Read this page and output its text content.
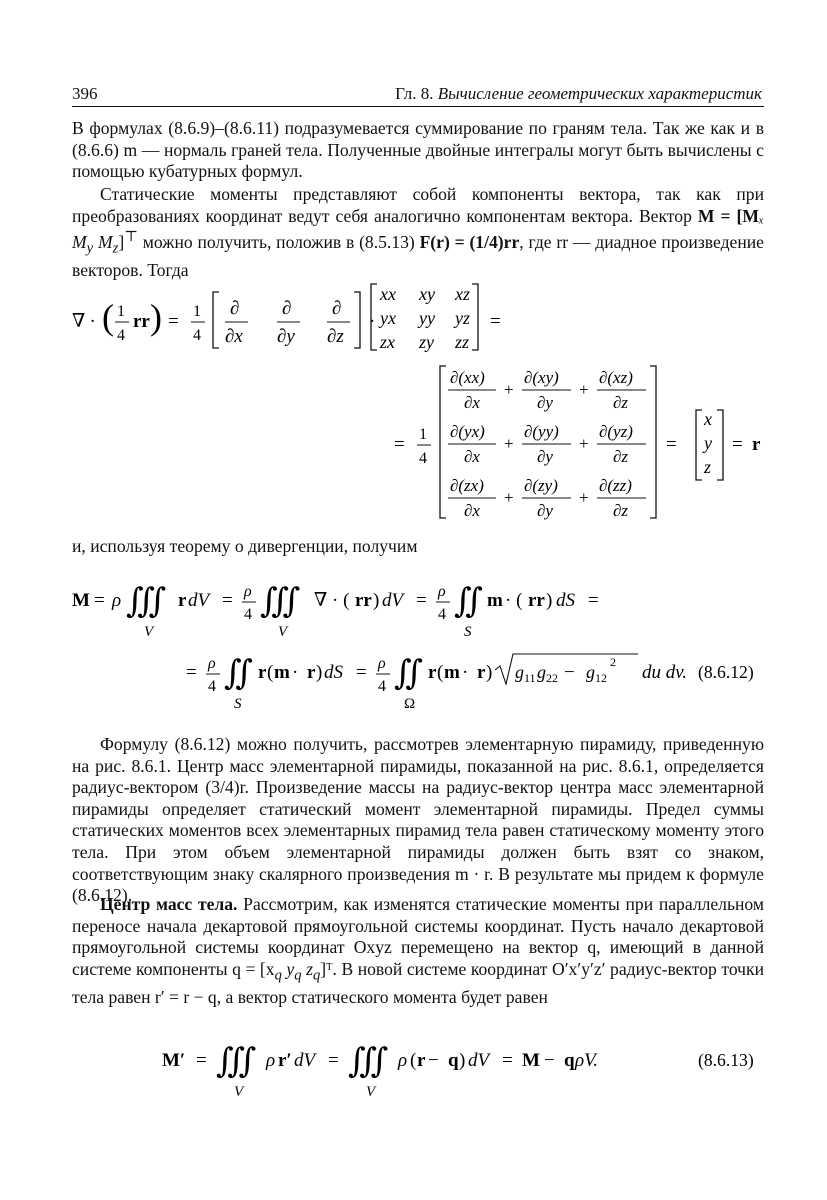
396	Гл. 8. Вычисление геометрических характеристик

В формулах (8.6.9)–(8.6.11) подразумевается суммирование по граням тела. Так же как и в (8.6.6) m — нормаль граней тела. Полученные двойные интегралы могут быть вычислены с помощью кубатурных формул.

Статические моменты представляют собой компоненты вектора, так как при преобразованиях координат ведут себя аналогично компонентам вектора. Вектор M = [Mₓ $M_y$ $M_z]^⊤$ можно получить, положив в (8.5.13) F(r) = (1/4)rr, где rr — диадное произведение векторов. Тогда

∇ · ( 1
4
rr ) = 1
4
∂
∂x
∂
∂y
∂
∂z
·
xx xy xz
yx yy yz
zx zy zz
=
= 1
4
∂(xx)
∂x
+
∂(xy)
∂y
+
∂(xz)
∂z
∂(yx)
∂x
+
∂(yy)
∂y
+
∂(yz)
∂z
∂(zx)
∂x
+
∂(zy)
∂y
+
∂(zz)
∂z
=
x
y
z
= r

и, используя теорему о дивергенции, получим

M = ρ ∭
V
r dV = ρ
4 ∭
V
∇ · ( rr ) dV = ρ
4 ∬
S
m · ( rr ) dS =
= ρ
4 ∬
S
r ( m · r ) dS = ρ
4 ∬
Ω
r ( m · r ) g 11 g 22 − g 12
2 du dv. (8.6.12)

Формулу (8.6.12) можно получить, рассмотрев элементарную пирамиду, приведенную на рис. 8.6.1. Центр масс элементарной пирамиды, показанной на рис. 8.6.1, определяется радиус-вектором (3/4)r. Произведение массы на радиус-вектор центра масс элементарной пирамиды определяет статический момент элементарной пирамиды. Предел суммы статических моментов всех элементарных пирамид тела равен статическому моменту этого тела. При этом объем элементарной пирамиды должен быть взят со знаком, соответствующим знаку скалярного произведения m · r. В результате мы придем к формуле (8.6.12).

Центр масс тела. Рассмотрим, как изменятся статические моменты при параллельном переносе начала декартовой прямоугольной системы координат. Пусть начало декартовой прямоугольной системы координат Oxyz перемещено на вектор q, имеющий в данной системе компоненты $q = [x_q$ $y_q$ $z_q]ᵀ$. В новой системе координат O′x′y′z′ радиус-вектор точки тела равен r′ = r − q, а вектор статического момента будет равен

M′ = ∭
V
ρ r′ dV = ∭
V
ρ ( r − q ) dV = M − q ρV.	(8.6.13)
